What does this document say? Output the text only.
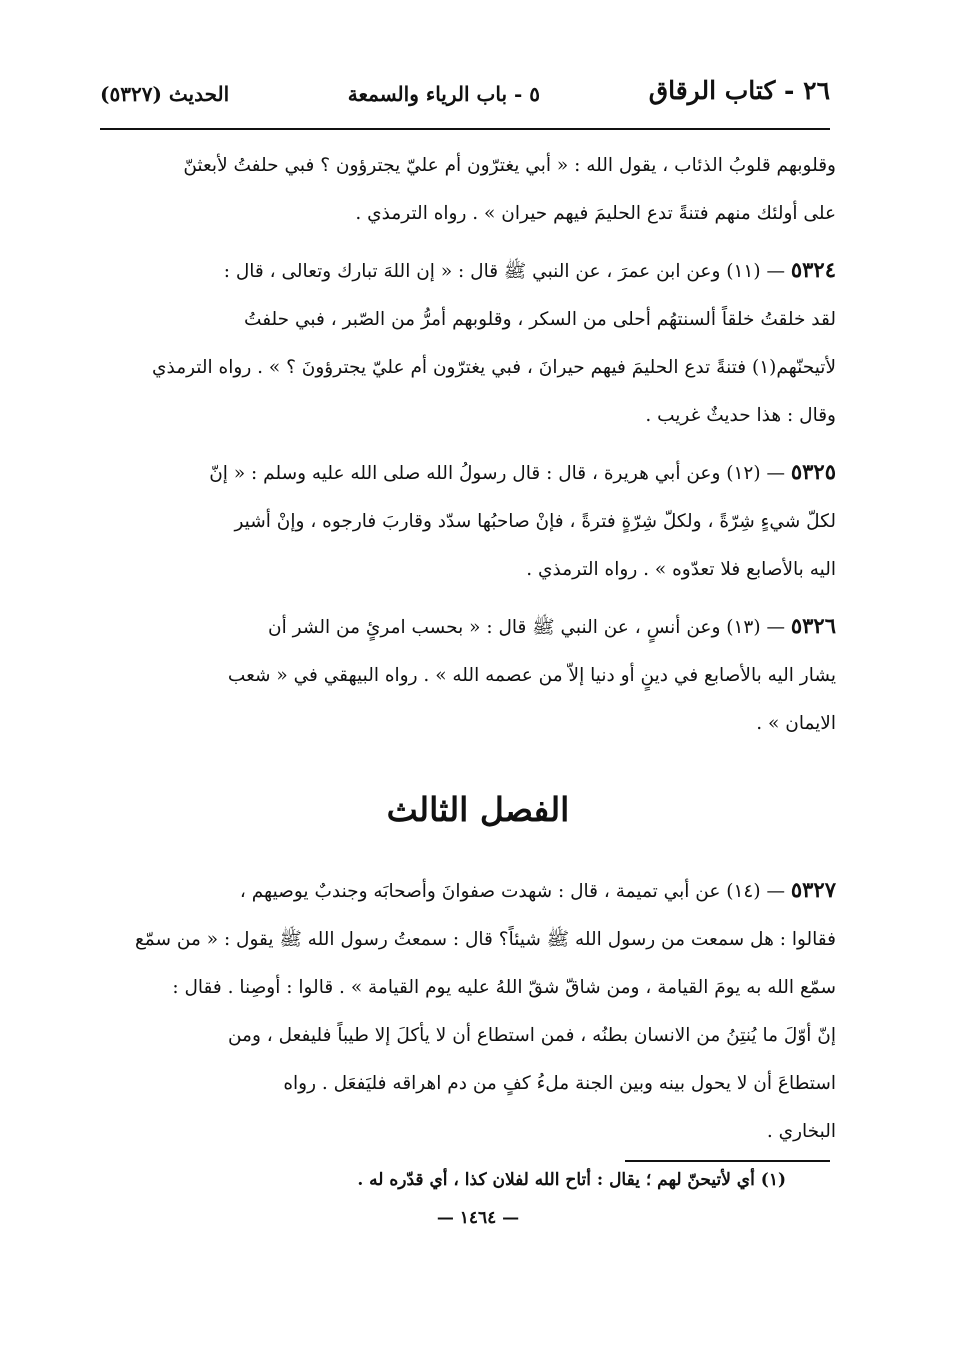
٢٦ - كتاب الرقاق
٥ - باب الرياء والسمعة
الحديث (٥٣٢٧)

وقلوبهم قلوبُ الذئاب ، يقول الله : « أبي يغترّون أم عليّ يجترؤون ؟ فبي حلفتُ لأبعثنّ
على أولئك منهم فتنةً تدع الحليمَ فيهم حيران » . رواه الترمذي .

٥٣٢٤ — (١١) وعن ابن عمرَ ، عن النبي ﷺ قال : « إن اللهَ تبارك وتعالى ، قال :
لقد خلقتُ خلقاً ألسنتهُم أحلى من السكر ، وقلوبهم أمرُّ من الصّبر ، فبي حلفتُ
لأتيحنّهم(١) فتنةً تدع الحليمَ فيهم حيرانَ ، فبي يغترّون أم عليّ يجترؤونَ ؟ » . رواه الترمذي
وقال : هذا حديثٌ غريب .

٥٣٢٥ — (١٢) وعن أبي هريرة ، قال : قال رسولُ الله صلى الله عليه وسلم : « إنّ
لكلّ شيءٍ شِرّةً ، ولكلّ شِرّةٍ فترةً ، فإنْ صاحبُها سدّد وقاربَ فارجوه ، وإنْ أشير
اليه بالأصابع فلا تعدّوه » . رواه الترمذي .

٥٣٢٦ — (١٣) وعن أنسٍ ، عن النبي ﷺ قال : « بحسب امرئٍ من الشر أن
يشار اليه بالأصابع في دينٍ أو دنيا إلاّ من عصمه الله » . رواه البيهقي في « شعب
الايمان » .

الفصل الثالث

٥٣٢٧ — (١٤) عن أبي تميمة ، قال : شهدت صفوانَ وأصحابَه وجندبٌ يوصيهم ،
فقالوا : هل سمعت من رسول الله ﷺ شيئاً؟ قال : سمعتُ رسول الله ﷺ يقول : « من سمّع
سمّع الله به يومَ القيامة ، ومن شاقّ شقّ اللهُ عليه يوم القيامة » . قالوا : أوصِنا . فقال :
إنّ أوّلَ ما يُنتِنُ من الانسان بطنُه ، فمن استطاع أن لا يأكلَ إلا طيباً فليفعل ، ومن
استطاعَ أن لا يحول بينه وبين الجنة ملءُ كفٍ من دم اهراقه فليَفعَل . رواه
البخاري .

(١) أي لأتيحنّ لهم ؛ يقال : أتاح الله لفلان كذا ، أي قدّره له .
— ١٤٦٤ —
